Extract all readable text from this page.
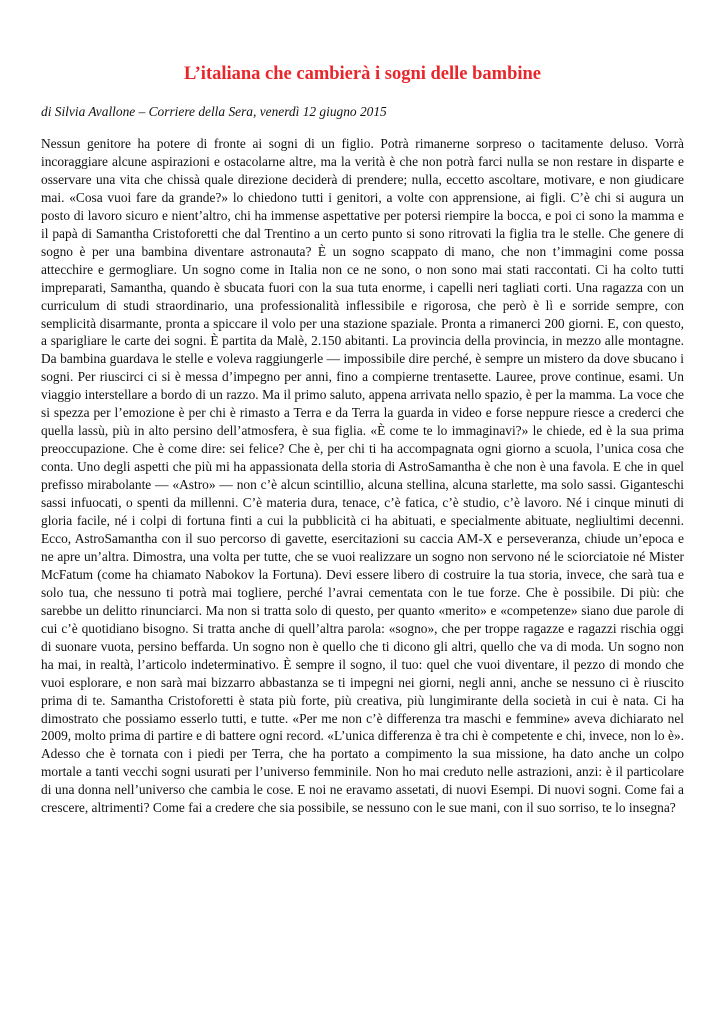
L’italiana che cambierà i sogni delle bambine

di Silvia Avallone – Corriere della Sera, venerdì 12 giugno 2015

Nessun genitore ha potere di fronte ai sogni di un figlio. Potrà rimanerne sorpreso o tacitamente deluso. Vorrà incoraggiare alcune aspirazioni e ostacolarne altre, ma la verità è che non potrà farci nulla se non restare in disparte e osservare una vita che chissà quale direzione deciderà di prendere; nulla, eccetto ascoltare, motivare, e non giudicare mai. «Cosa vuoi fare da grande?» lo chiedono tutti i genitori, a volte con apprensione, ai figli. C’è chi si augura un posto di lavoro sicuro e nient’altro, chi ha immense aspettative per potersi riempire la bocca, e poi ci sono la mamma e il papà di Samantha Cristoforetti che dal Trentino a un certo punto si sono ritrovati la figlia tra le stelle. Che genere di sogno è per una bambina diventare astronauta? È un sogno scappato di mano, che non t’immagini come possa attecchire e germogliare. Un sogno come in Italia non ce ne sono, o non sono mai stati raccontati. Ci ha colto tutti impreparati, Samantha, quando è sbucata fuori con la sua tuta enorme, i capelli neri tagliati corti. Una ragazza con un curriculum di studi straordinario, una professionalità inflessibile e rigorosa, che però è lì e sorride sempre, con semplicità disarmante, pronta a spiccare il volo per una stazione spaziale. Pronta a rimanerci 200 giorni. E, con questo, a sparigliare le carte dei sogni. È partita da Malè, 2.150 abitanti. La provincia della provincia, in mezzo alle montagne. Da bambina guardava le stelle e voleva raggiungerle — impossibile dire perché, è sempre un mistero da dove sbucano i sogni. Per riuscirci ci si è messa d’impegno per anni, fino a compierne trentasette. Lauree, prove continue, esami. Un viaggio interstellare a bordo di un razzo. Ma il primo saluto, appena arrivata nello spazio, è per la mamma. La voce che si spezza per l’emozione è per chi è rimasto a Terra e da Terra la guarda in video e forse neppure riesce a crederci che quella lassù, più in alto persino dell’atmosfera, è sua figlia. «È come te lo immaginavi?» le chiede, ed è la sua prima preoccupazione. Che è come dire: sei felice? Che è, per chi ti ha accompagnata ogni giorno a scuola, l’unica cosa che conta. Uno degli aspetti che più mi ha appassionata della storia di AstroSamantha è che non è una favola. E che in quel prefisso mirabolante — «Astro» — non c’è alcun scintillio, alcuna stellina, alcuna starlette, ma solo sassi. Giganteschi sassi infuocati, o spenti da millenni. C’è materia dura, tenace, c’è fatica, c’è studio, c’è lavoro. Né i cinque minuti di gloria facile, né i colpi di fortuna finti a cui la pubblicità ci ha abituati, e specialmente abituate, negliultimi decenni. Ecco, AstroSamantha con il suo percorso di gavette, esercitazioni su caccia AM-X e perseveranza, chiude un’epoca e ne apre un’altra. Dimostra, una volta per tutte, che se vuoi realizzare un sogno non servono né le sciorciatoie né Mister McFatum (come ha chiamato Nabokov la Fortuna). Devi essere libero di costruire la tua storia, invece, che sarà tua e solo tua, che nessuno ti potrà mai togliere, perché l’avrai cementata con le tue forze. Che è possibile. Di più: che sarebbe un delitto rinunciarci. Ma non si tratta solo di questo, per quanto «merito» e «competenze» siano due parole di cui c’è quotidiano bisogno. Si tratta anche di quell’altra parola: «sogno», che per troppe ragazze e ragazzi rischia oggi di suonare vuota, persino beffarda. Un sogno non è quello che ti dicono gli altri, quello che va di moda. Un sogno non ha mai, in realtà, l’articolo indeterminativo. È sempre il sogno, il tuo: quel che vuoi diventare, il pezzo di mondo che vuoi esplorare, e non sarà mai bizzarro abbastanza se ti impegni nei giorni, negli anni, anche se nessuno ci è riuscito prima di te. Samantha Cristoforetti è stata più forte, più creativa, più lungimirante della società in cui è nata. Ci ha dimostrato che possiamo esserlo tutti, e tutte. «Per me non c’è differenza tra maschi e femmine» aveva dichiarato nel 2009, molto prima di partire e di battere ogni record. «L’unica differenza è tra chi è competente e chi, invece, non lo è». Adesso che è tornata con i piedi per Terra, che ha portato a compimento la sua missione, ha dato anche un colpo mortale a tanti vecchi sogni usurati per l’universo femminile. Non ho mai creduto nelle astrazioni, anzi: è il particolare di una donna nell’universo che cambia le cose. E noi ne eravamo assetati, di nuovi Esempi. Di nuovi sogni. Come fai a crescere, altrimenti? Come fai a credere che sia possibile, se nessuno con le sue mani, con il suo sorriso, te lo insegna?
